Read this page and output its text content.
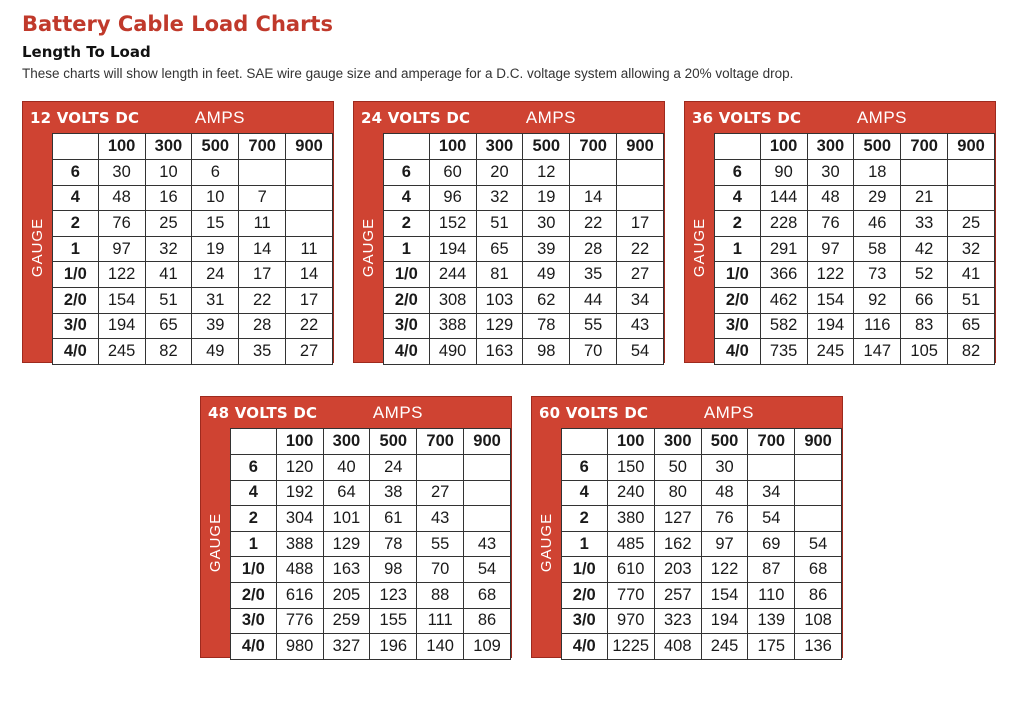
Battery Cable Load Charts
Length To Load
These charts will show length in feet. SAE wire gauge size and amperage for a D.C. voltage system allowing a 20% voltage drop.
12 VOLTS DC	AMPS
GAUGE
	100	300	500	700	900
6	30	10	6		
4	48	16	10	7	
2	76	25	15	11	
1	97	32	19	14	11
1/0	122	41	24	17	14
2/0	154	51	31	22	17
3/0	194	65	39	28	22
4/0	245	82	49	35	27
24 VOLTS DC	AMPS
GAUGE
	100	300	500	700	900
6	60	20	12		
4	96	32	19	14	
2	152	51	30	22	17
1	194	65	39	28	22
1/0	244	81	49	35	27
2/0	308	103	62	44	34
3/0	388	129	78	55	43
4/0	490	163	98	70	54
36 VOLTS DC	AMPS
GAUGE
	100	300	500	700	900
6	90	30	18		
4	144	48	29	21	
2	228	76	46	33	25
1	291	97	58	42	32
1/0	366	122	73	52	41
2/0	462	154	92	66	51
3/0	582	194	116	83	65
4/0	735	245	147	105	82
48 VOLTS DC	AMPS
GAUGE
	100	300	500	700	900
6	120	40	24		
4	192	64	38	27	
2	304	101	61	43	
1	388	129	78	55	43
1/0	488	163	98	70	54
2/0	616	205	123	88	68
3/0	776	259	155	111	86
4/0	980	327	196	140	109
60 VOLTS DC	AMPS
GAUGE
	100	300	500	700	900
6	150	50	30		
4	240	80	48	34	
2	380	127	76	54	
1	485	162	97	69	54
1/0	610	203	122	87	68
2/0	770	257	154	110	86
3/0	970	323	194	139	108
4/0	1225	408	245	175	136
